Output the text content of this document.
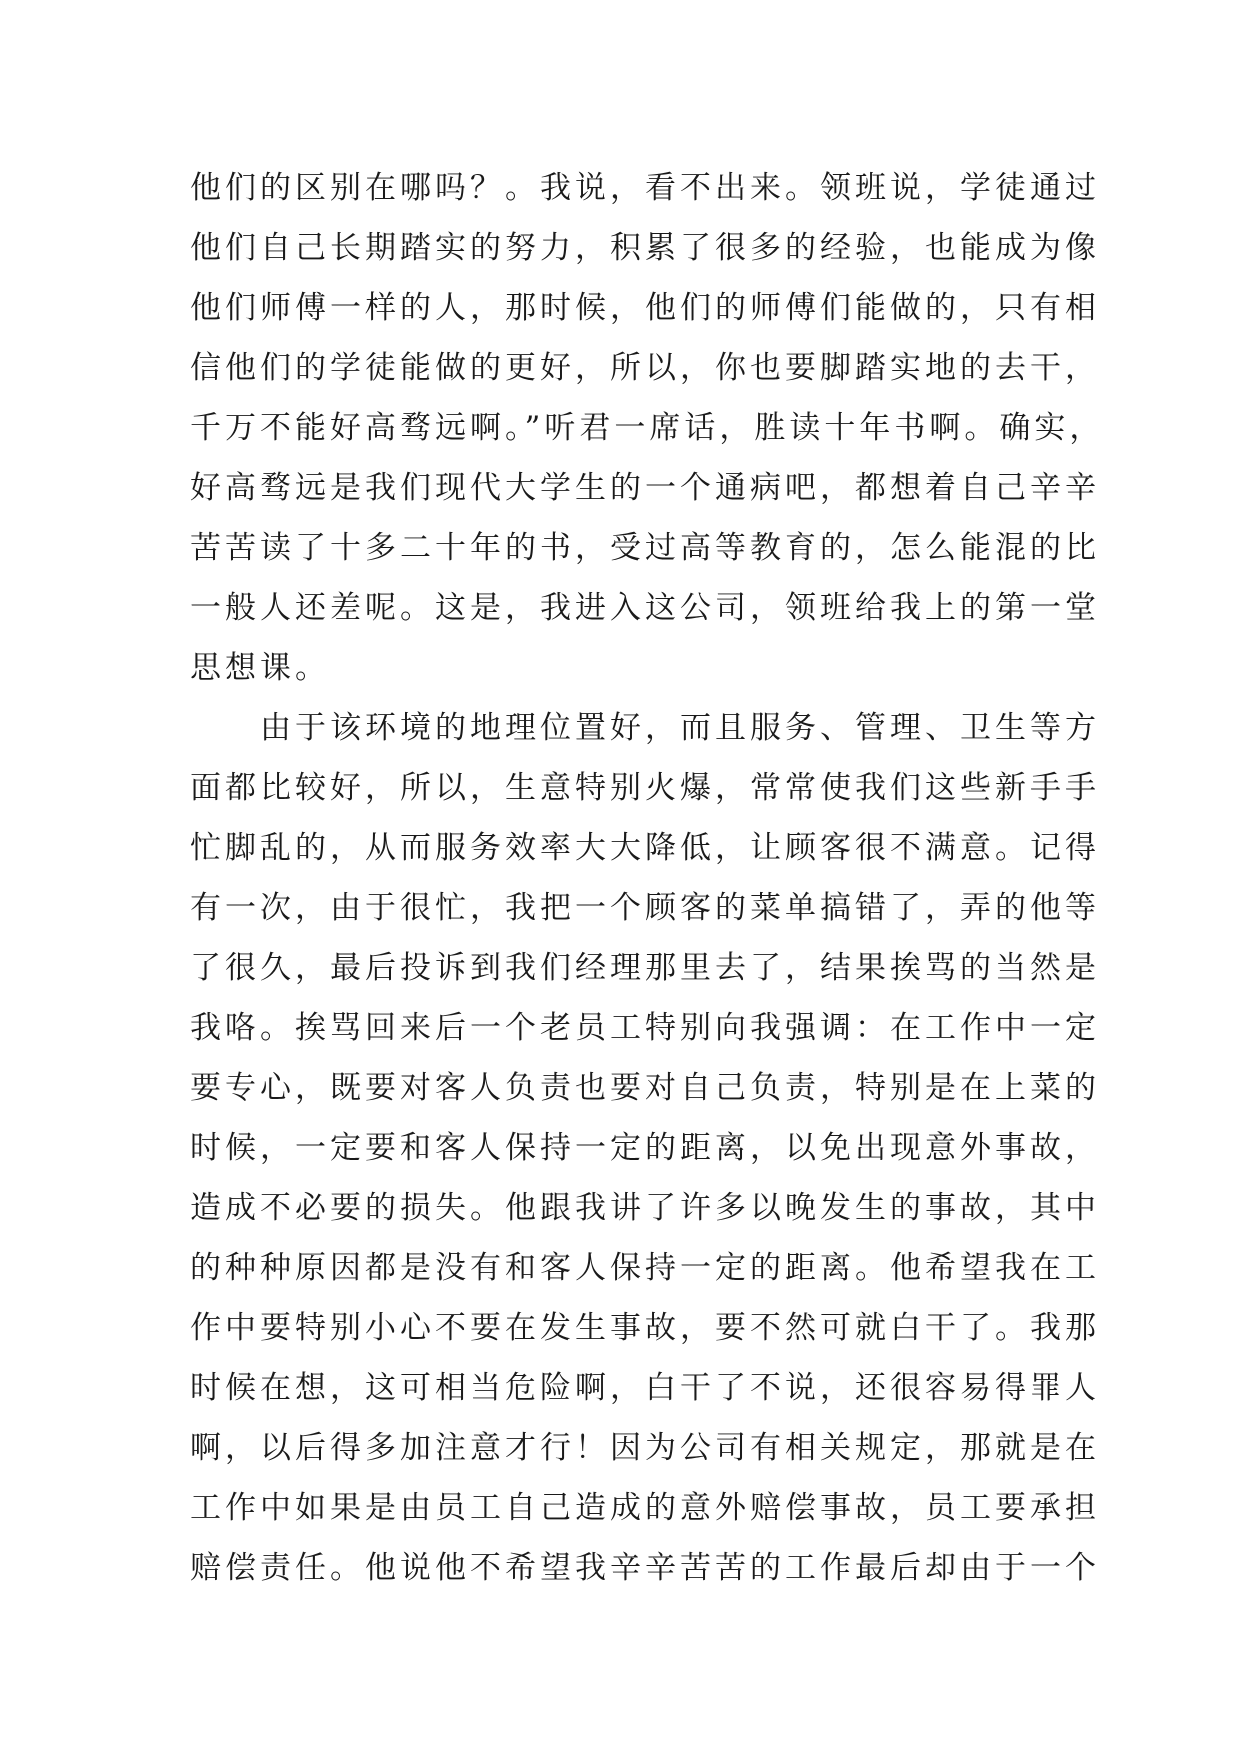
他们的区别在哪吗？。我说，看不出来。领班说，学徒通过
他们自己长期踏实的努力，积累了很多的经验，也能成为像
他们师傅一样的人，那时候，他们的师傅们能做的，只有相
信他们的学徒能做的更好，所以，你也要脚踏实地的去干，
千万不能好高骛远啊。”听君一席话，胜读十年书啊。确实，
好高骛远是我们现代大学生的一个通病吧，都想着自己辛辛
苦苦读了十多二十年的书，受过高等教育的，怎么能混的比
一般人还差呢。这是，我进入这公司，领班给我上的第一堂
思想课。
　　由于该环境的地理位置好，而且服务、管理、卫生等方
面都比较好，所以，生意特别火爆，常常使我们这些新手手
忙脚乱的，从而服务效率大大降低，让顾客很不满意。记得
有一次，由于很忙，我把一个顾客的菜单搞错了，弄的他等
了很久，最后投诉到我们经理那里去了，结果挨骂的当然是
我咯。挨骂回来后一个老员工特别向我强调：在工作中一定
要专心，既要对客人负责也要对自己负责，特别是在上菜的
时候，一定要和客人保持一定的距离，以免出现意外事故，
造成不必要的损失。他跟我讲了许多以晚发生的事故，其中
的种种原因都是没有和客人保持一定的距离。他希望我在工
作中要特别小心不要在发生事故，要不然可就白干了。我那
时候在想，这可相当危险啊，白干了不说，还很容易得罪人
啊，以后得多加注意才行！因为公司有相关规定，那就是在
工作中如果是由员工自己造成的意外赔偿事故，员工要承担
赔偿责任。他说他不希望我辛辛苦苦的工作最后却由于一个
